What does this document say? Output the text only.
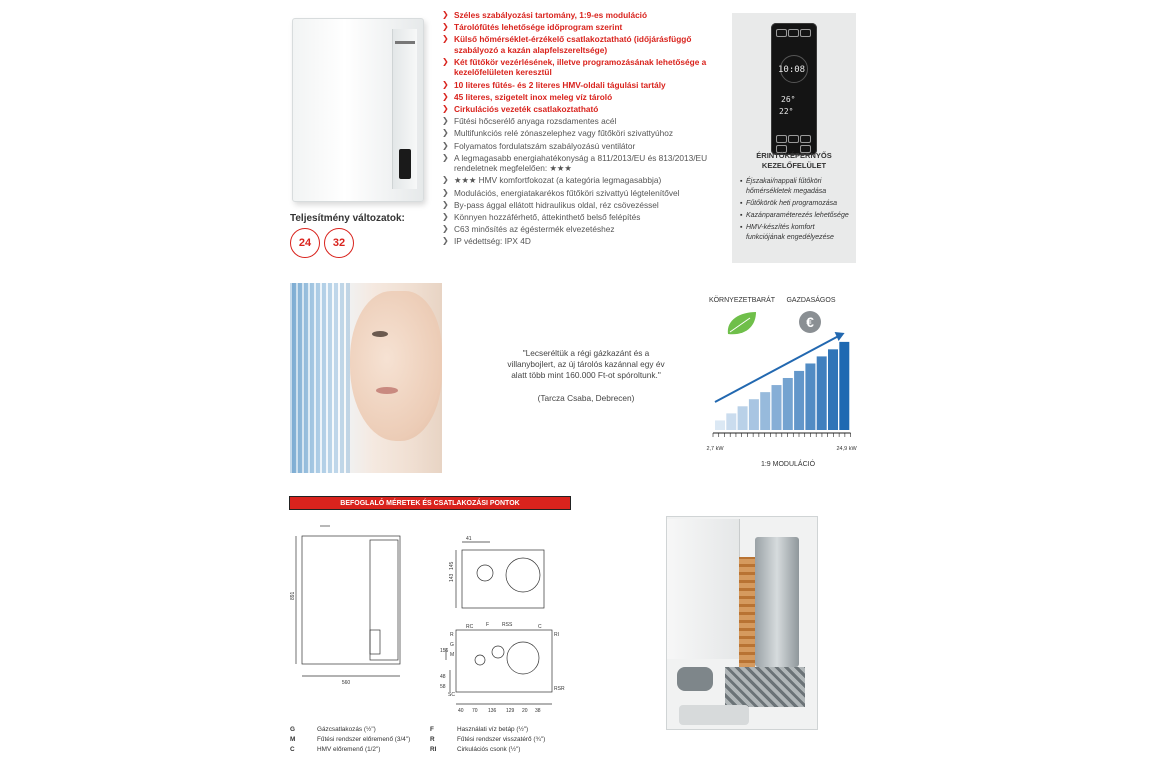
Teljesítmény változatok:
24	32
❯ Széles szabályozási tartomány, 1:9-es moduláció
❯ Tárolófűtés lehetősége időprogram szerint
❯ Külső hőmérséklet-érzékelő csatlakoztatható (időjárásfüggő szabályozó a kazán alapfelszereltsége)
❯ Két fűtőkör vezérlésének, illetve programozásának lehetősége a kezelőfelületen keresztül
❯ 10 literes fűtés- és 2 literes HMV-oldali tágulási tartály
❯ 45 literes, szigetelt inox meleg víz tároló
❯ Cirkulációs vezeték csatlakoztatható
❯ Fűtési hőcserélő anyaga rozsdamentes acél
❯ Multifunkciós relé zónaszelephez vagy fűtőköri szivattyúhoz
❯ Folyamatos fordulatszám szabályozású ventilátor
❯ A legmagasabb energiahatékonyság a 811/2013/EU és 813/2013/EU rendeletnek megfelelően: ★★★
❯ ★★★ HMV komfortfokozat (a kategória legmagasabbja)
❯ Modulációs, energiatakarékos fűtőköri szivattyú légtelenítővel
❯ By-pass ággal ellátott hidraulikus oldal, réz csövezéssel
❯ Könnyen hozzáférhető, áttekinthető belső felépítés
❯ C63 minősítés az égéstermék elvezetéshez
❯ IP védettség: IPX 4D
10:08
26°
22°
ÉRINTŐKÉPERNYŐS
KEZELŐFELÜLET
▪ Éjszakai/nappali fűtőköri hőmérsékletek megadása
▪ Fűtőkörök heti programozása
▪ Kazánparaméterezés lehetősége
▪ HMV-készítés komfort funkciójának engedélyezése
"Lecseréltük a régi gázkazánt és a villanybojlert, az új tárolós kazánnal egy év alatt több mint 160.000 Ft-ot spóroltunk."
(Tarcza Csaba, Debrecen)
KÖRNYEZETBARÁT GAZDASÁGOS
€
2,7 kW	24,9 kW
1:9 MODULÁCIÓ
BEFOGLALÓ MÉRETEK ÉS CSATLAKOZÁSI PONTOK
891
560
143
145
41
40 70 136 129 20 38
156
48
58
RC	F	RSS	C
RI
R
G
M
SC
RSR
G	Gázcsatlakozás (½")
M	Fűtési rendszer előremenő (3/4")
C	HMV előremenő (1/2")
F	Használati víz betáp (½")
R	Fűtési rendszer visszatérő (¾")
RI	Cirkulációs csonk (½")
